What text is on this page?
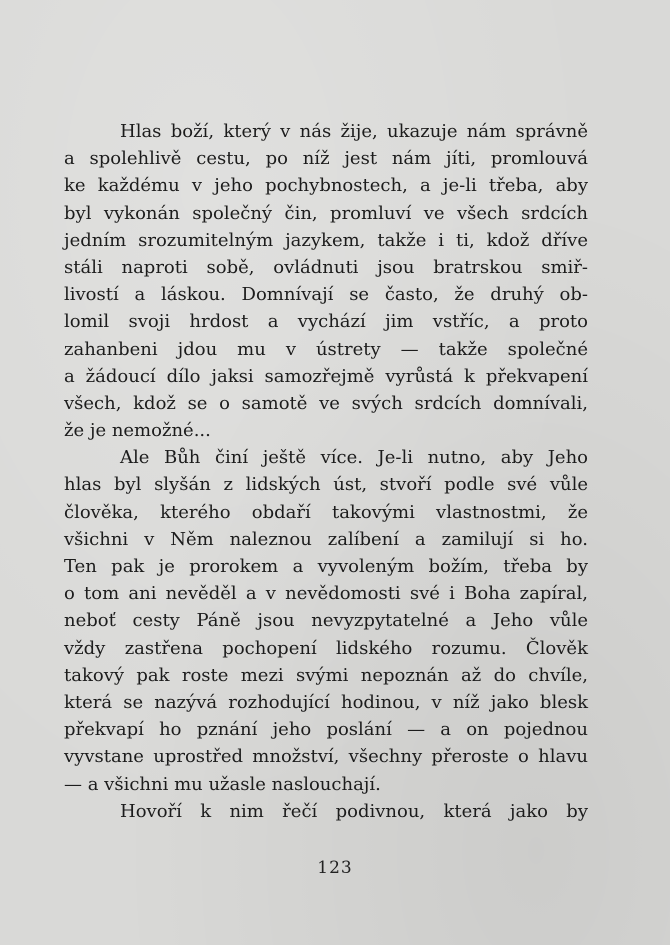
Hlas boží, který v nás žije, ukazuje nám správně
a spolehlivě cestu, po níž jest nám jíti, promlouvá
ke každému v jeho pochybnostech, a je-li třeba, aby
byl vykonán společný čin, promluví ve všech srdcích
jedním srozumitelným jazykem, takže i ti, kdož dříve
stáli naproti sobě, ovládnuti jsou bratrskou smiř-
livostí a láskou. Domnívají se často, že druhý ob-
lomil svoji hrdost a vychází jim vstříc, a proto
zahanbeni jdou mu v ústrety — takže společné
a žádoucí dílo jaksi samozřejmě vyrůstá k překvapení
všech, kdož se o samotě ve svých srdcích domnívali,
že je nemožné...
Ale Bůh činí ještě více. Je-li nutno, aby Jeho
hlas byl slyšán z lidských úst, stvoří podle své vůle
člověka, kterého obdaří takovými vlastnostmi, že
všichni v Něm naleznou zalíbení a zamilují si ho.
Ten pak je prorokem a vyvoleným božím, třeba by
o tom ani nevěděl a v nevědomosti své i Boha zapíral,
neboť cesty Páně jsou nevyzpytatelné a Jeho vůle
vždy zastřena pochopení lidského rozumu. Člověk
takový pak roste mezi svými nepoznán až do chvíle,
která se nazývá rozhodující hodinou, v níž jako blesk
překvapí ho pznání jeho poslání — a on pojednou
vyvstane uprostřed množství, všechny přeroste o hlavu
— a všichni mu užasle naslouchají.
Hovoří k nim řečí podivnou, která jako by
123
